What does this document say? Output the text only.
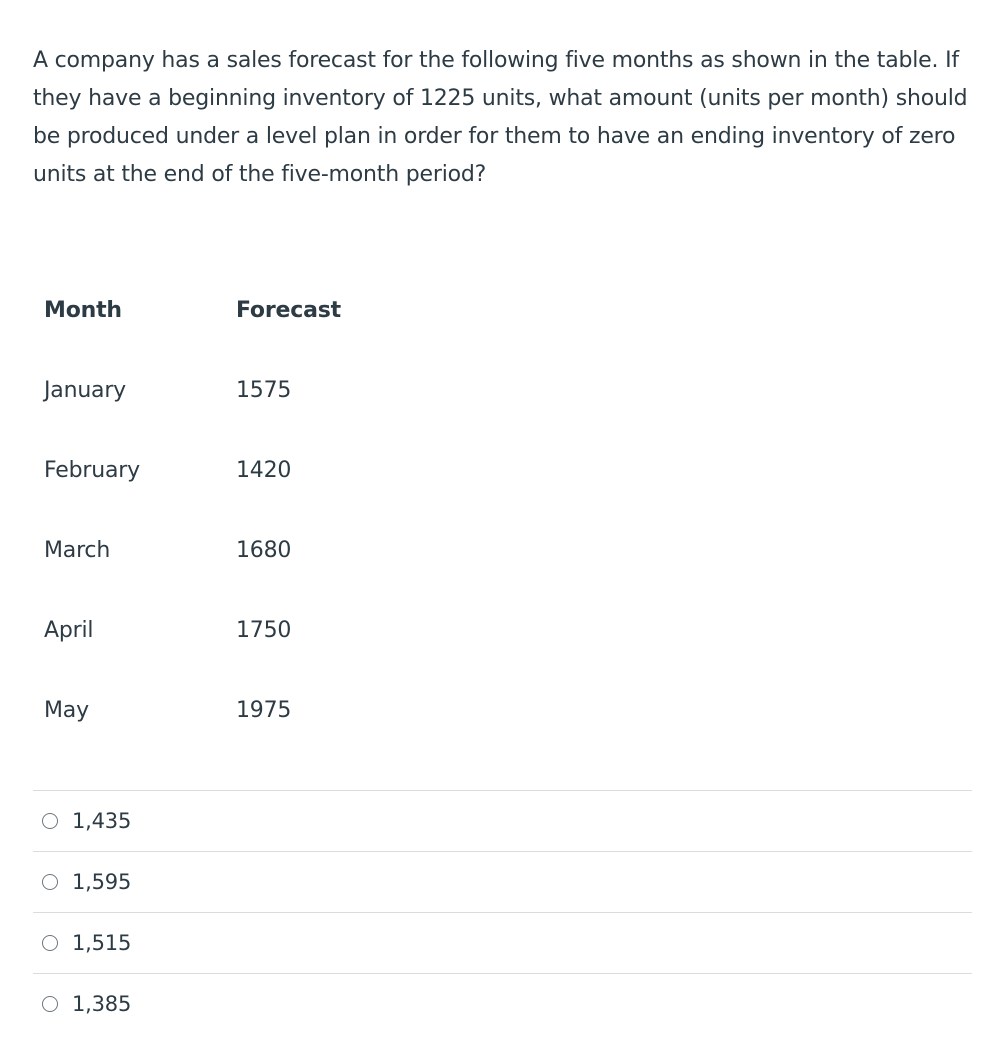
A company has a sales forecast for the following five months as shown in the table. If they have a beginning inventory of 1225 units, what amount (units per month) should be produced under a level plan in order for them to have an ending inventory of zero units at the end of the five-month period?

Month	Forecast
January	1575
February	1420
March	1680
April	1750
May	1975
1,435
1,595
1,515
1,385
